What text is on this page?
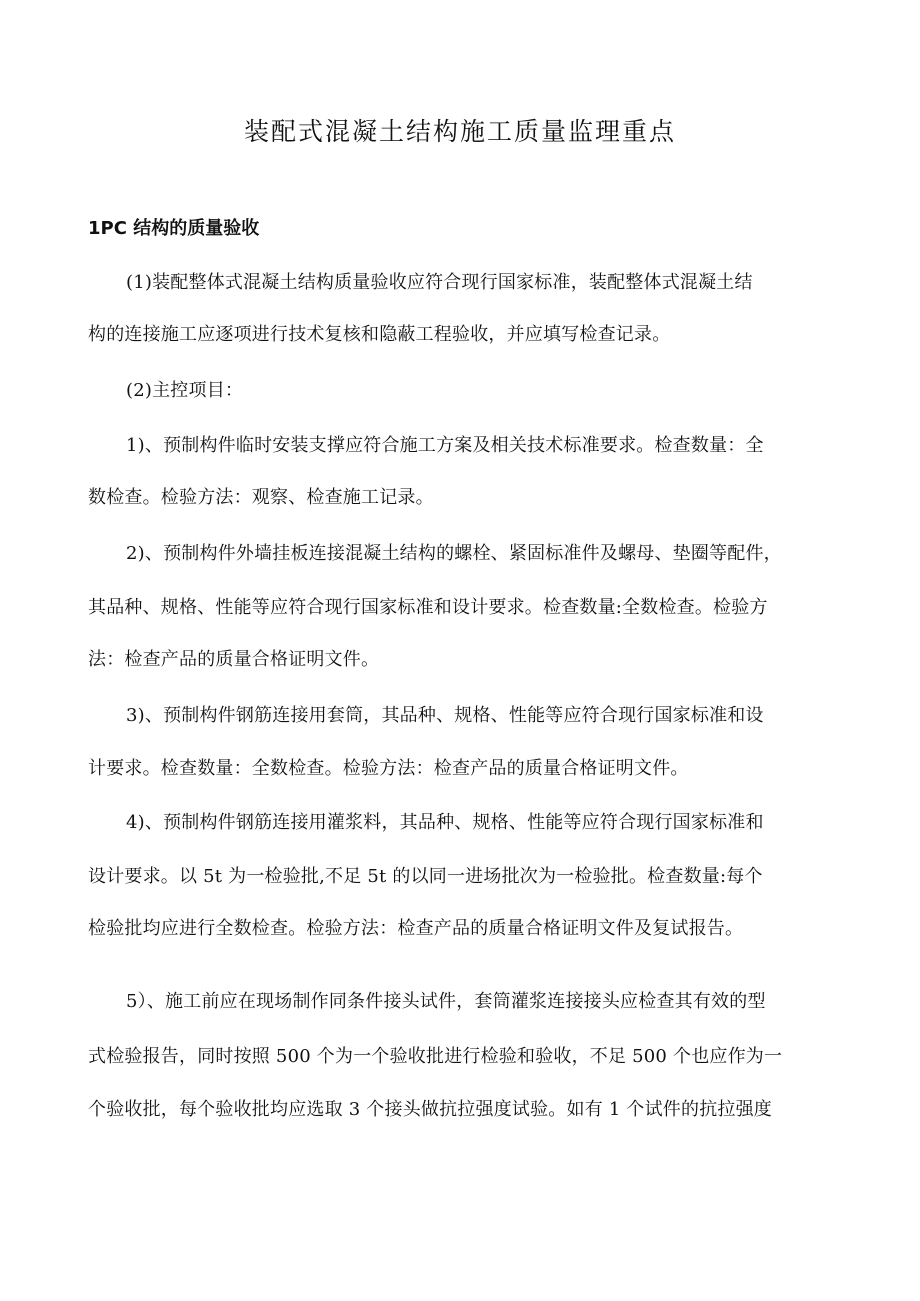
装配式混凝土结构施工质量监理重点
1PC 结构的质量验收
(1)装配整体式混凝土结构质量验收应符合现行国家标准，装配整体式混凝土结
构的连接施工应逐项进行技术复核和隐蔽工程验收，并应填写检查记录。
(2)主控项目：
1)、预制构件临时安装支撑应符合施工方案及相关技术标准要求。检查数量：全
数检查。检验方法：观察、检查施工记录。
2)、预制构件外墙挂板连接混凝土结构的螺栓、紧固标准件及螺母、垫圈等配件，
其品种、规格、性能等应符合现行国家标准和设计要求。检查数量:全数检查。检验方
法：检查产品的质量合格证明文件。
3)、预制构件钢筋连接用套筒，其品种、规格、性能等应符合现行国家标准和设
计要求。检查数量：全数检查。检验方法：检查产品的质量合格证明文件。
4)、预制构件钢筋连接用灌浆料，其品种、规格、性能等应符合现行国家标准和
设计要求。以 5t 为一检验批,不足 5t 的以同一进场批次为一检验批。检查数量:每个
检验批均应进行全数检查。检验方法：检查产品的质量合格证明文件及复试报告。
5）、施工前应在现场制作同条件接头试件，套筒灌浆连接接头应检查其有效的型
式检验报告，同时按照 500 个为一个验收批进行检验和验收，不足 500 个也应作为一
个验收批，每个验收批均应选取 3 个接头做抗拉强度试验。如有 1 个试件的抗拉强度
